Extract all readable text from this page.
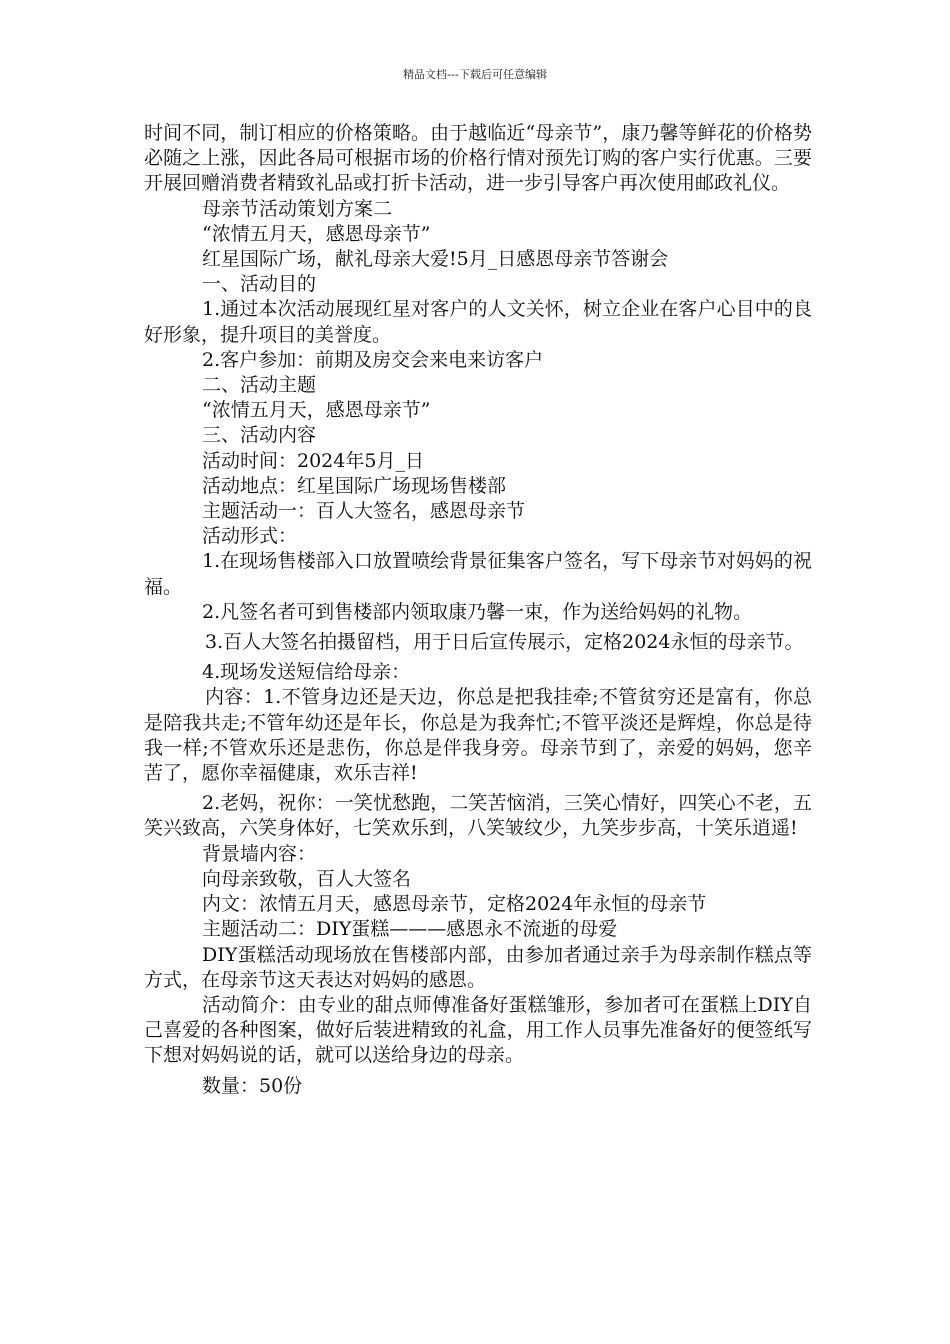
精品文档---下载后可任意编辑

时间不同，制订相应的价格策略。由于越临近“母亲节”，康乃馨等鲜花的价格势必随之上涨，因此各局可根据市场的价格行情对预先订购的客户实行优惠。三要开展回赠消费者精致礼品或打折卡活动，进一步引导客户再次使用邮政礼仪。

母亲节活动策划方案二

“浓情五月天，感恩母亲节”

红星国际广场，献礼母亲大爱!5月_日感恩母亲节答谢会

一、活动目的

1.通过本次活动展现红星对客户的人文关怀，树立企业在客户心目中的良好形象，提升项目的美誉度。

2.客户参加：前期及房交会来电来访客户

二、活动主题

“浓情五月天，感恩母亲节”

三、活动内容

活动时间：2024年5月_日

活动地点：红星国际广场现场售楼部

主题活动一：百人大签名，感恩母亲节

活动形式：

1.在现场售楼部入口放置喷绘背景征集客户签名，写下母亲节对妈妈的祝福。

2.凡签名者可到售楼部内领取康乃馨一束，作为送给妈妈的礼物。

3.百人大签名拍摄留档，用于日后宣传展示，定格2024永恒的母亲节。

4.现场发送短信给母亲：

内容：1.不管身边还是天边，你总是把我挂牵;不管贫穷还是富有，你总是陪我共走;不管年幼还是年长，你总是为我奔忙;不管平淡还是辉煌，你总是待我一样;不管欢乐还是悲伤，你总是伴我身旁。母亲节到了，亲爱的妈妈，您辛苦了，愿你幸福健康，欢乐吉祥!

2.老妈，祝你：一笑忧愁跑，二笑苦恼消，三笑心情好，四笑心不老，五笑兴致高，六笑身体好，七笑欢乐到，八笑皱纹少，九笑步步高，十笑乐逍遥!

背景墙内容：

向母亲致敬，百人大签名

内文：浓情五月天，感恩母亲节，定格2024年永恒的母亲节

主题活动二：DIY蛋糕———感恩永不流逝的母爱

DIY蛋糕活动现场放在售楼部内部，由参加者通过亲手为母亲制作糕点等方式，在母亲节这天表达对妈妈的感恩。

活动简介：由专业的甜点师傅准备好蛋糕雏形，参加者可在蛋糕上DIY自己喜爱的各种图案，做好后装进精致的礼盒，用工作人员事先准备好的便签纸写下想对妈妈说的话，就可以送给身边的母亲。

数量：50份
